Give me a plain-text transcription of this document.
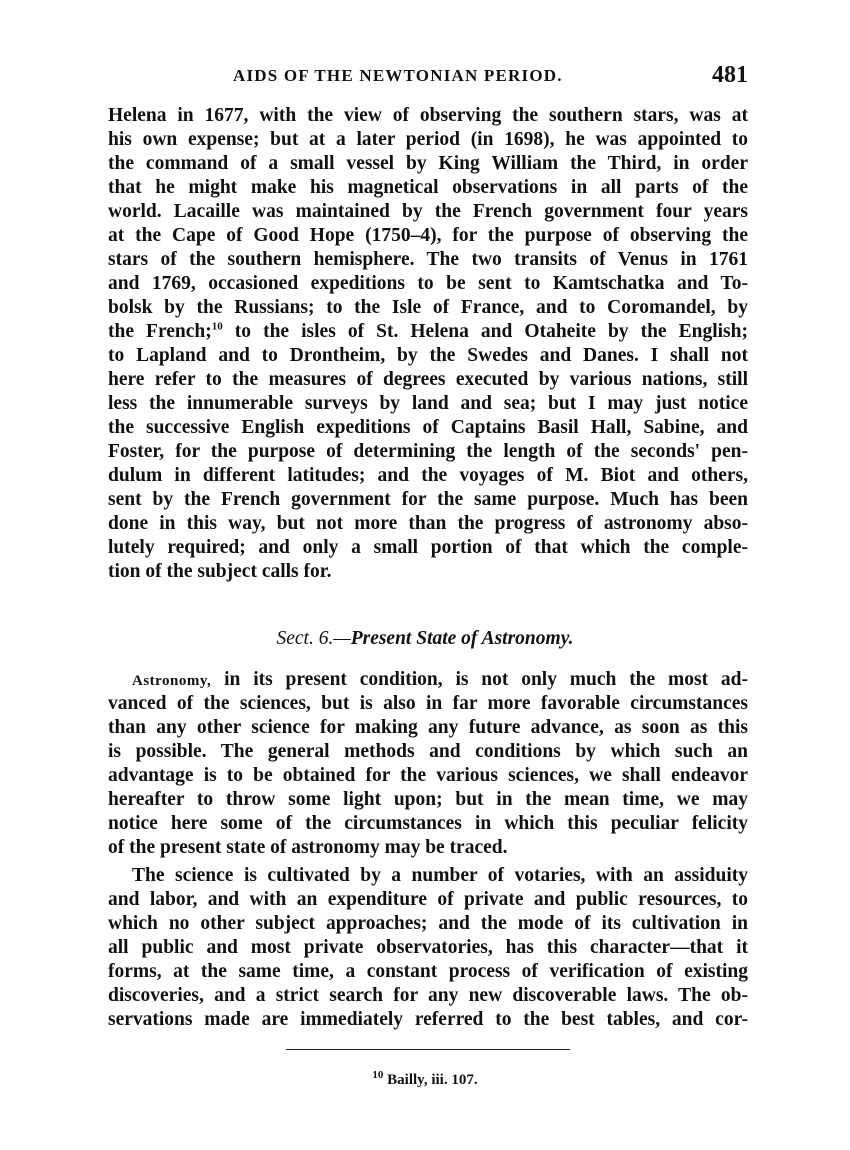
AIDS OF THE NEWTONIAN PERIOD.	481
Helena in 1677, with the view of observing the southern stars, was at
his own expense; but at a later period (in 1698), he was appointed to
the command of a small vessel by King William the Third, in order
that he might make his magnetical observations in all parts of the
world. Lacaille was maintained by the French government four years
at the Cape of Good Hope (1750–4), for the purpose of observing the
stars of the southern hemisphere. The two transits of Venus in 1761
and 1769, occasioned expeditions to be sent to Kamtschatka and To-
bolsk by the Russians; to the Isle of France, and to Coromandel, by
the French;$^{10}$ to the isles of St. Helena and Otaheite by the English;
to Lapland and to Drontheim, by the Swedes and Danes. I shall not
here refer to the measures of degrees executed by various nations, still
less the innumerable surveys by land and sea; but I may just notice
the successive English expeditions of Captains Basil Hall, Sabine, and
Foster, for the purpose of determining the length of the seconds' pen-
dulum in different latitudes; and the voyages of M. Biot and others,
sent by the French government for the same purpose. Much has been
done in this way, but not more than the progress of astronomy abso-
lutely required; and only a small portion of that which the comple-
tion of the subject calls for.
Sect. 6.—Present State of Astronomy.
Astronomy, in its present condition, is not only much the most ad-
vanced of the sciences, but is also in far more favorable circumstances
than any other science for making any future advance, as soon as this
is possible. The general methods and conditions by which such an
advantage is to be obtained for the various sciences, we shall endeavor
hereafter to throw some light upon; but in the mean time, we may
notice here some of the circumstances in which this peculiar felicity
of the present state of astronomy may be traced.
The science is cultivated by a number of votaries, with an assiduity
and labor, and with an expenditure of private and public resources, to
which no other subject approaches; and the mode of its cultivation in
all public and most private observatories, has this character—that it
forms, at the same time, a constant process of verification of existing
discoveries, and a strict search for any new discoverable laws. The ob-
servations made are immediately referred to the best tables, and cor-
$^{10}$ Bailly, iii. 107.
